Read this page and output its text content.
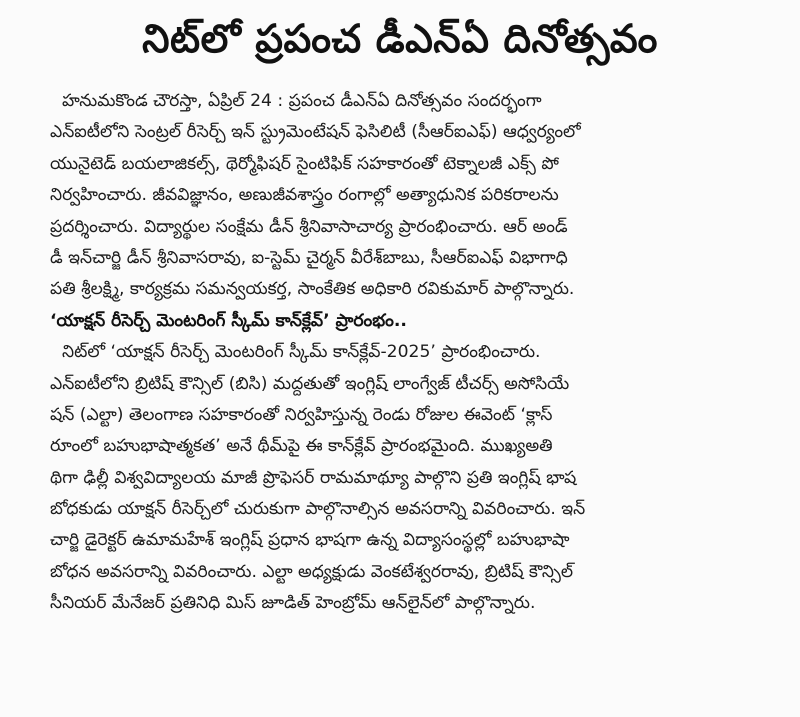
నిట్‌లో ప్రపంచ డీఎన్ఏ దినోత్సవం
హనుమకొండ చౌరస్తా, ఏప్రిల్ 24 : ప్రపంచ డీఎన్ఏ దినోత్సవం సందర్భంగా
ఎన్ఐటీలోని సెంట్రల్ రీసెర్చ్ ఇన్ స్ట్రుమెంటేషన్ ఫెసిలిటీ (సీఆర్ఐఎఫ్) ఆధ్వర్యంలో
యునైటెడ్ బయలాజికల్స్, థెర్మోఫిషర్ సైంటిఫిక్ సహకారంతో టెక్నాలజీ ఎక్స్ పో
నిర్వహించారు. జీవవిజ్ఞానం, అణుజీవశాస్త్రం రంగాల్లో అత్యాధునిక పరికరాలను
ప్రదర్శించారు. విద్యార్థుల సంక్షేమ డీన్ శ్రీనివాసాచార్య ప్రారంభించారు. ఆర్ అండ్
డీ ఇన్‌చార్జి డీన్ శ్రీనివాసరావు, ఐ-స్టెమ్ చైర్మన్ వీరేశ్‌బాబు, సీఆర్ఐఎఫ్ విభాగాధి
పతి శ్రీలక్ష్మి, కార్యక్రమ సమన్వయకర్త, సాంకేతిక అధికారి రవికుమార్ పాల్గొన్నారు.
‘యాక్షన్ రీసెర్చ్ మెంటరింగ్ స్కీమ్ కాన్‌క్లేవ్’ ప్రారంభం..
నిట్‌లో ‘యాక్షన్ రీసెర్చ్ మెంటరింగ్ స్కీమ్ కాన్‌క్లేవ్-2025’ ప్రారంభించారు.
ఎన్ఐటీలోని బ్రిటిష్ కౌన్సిల్ (బిసి) మద్దతుతో ఇంగ్లిష్ లాంగ్వేజ్ టీచర్స్ అసోసియే
షన్ (ఎల్టా) తెలంగాణ సహకారంతో నిర్వహిస్తున్న రెండు రోజుల ఈవెంట్ ‘క్లాస్
రూంలో బహుభాషాత్మకత’ అనే థీమ్‌పై ఈ కాన్‌క్లేవ్ ప్రారంభమైంది. ముఖ్యఅతి
థిగా ఢిల్లీ విశ్వవిద్యాలయ మాజీ ప్రొఫెసర్ రామమాథ్యూ పాల్గొని ప్రతి ఇంగ్లిష్ భాష
బోధకుడు యాక్షన్ రీసెర్చ్‌లో చురుకుగా పాల్గొనాల్సిన అవసరాన్ని వివరించారు. ఇన్
చార్జి డైరెక్టర్ ఉమామహేశ్ ఇంగ్లిష్ ప్రధాన భాషగా ఉన్న విద్యాసంస్థల్లో బహుభాషా
బోధన అవసరాన్ని వివరించారు. ఎల్టా అధ్యక్షుడు వెంకటేశ్వరరావు, బ్రిటిష్ కౌన్సిల్
సీనియర్ మేనేజర్ ప్రతినిధి మిస్ జూడిత్ హెంబ్రోమ్ ఆన్‌లైన్‌లో పాల్గొన్నారు.
